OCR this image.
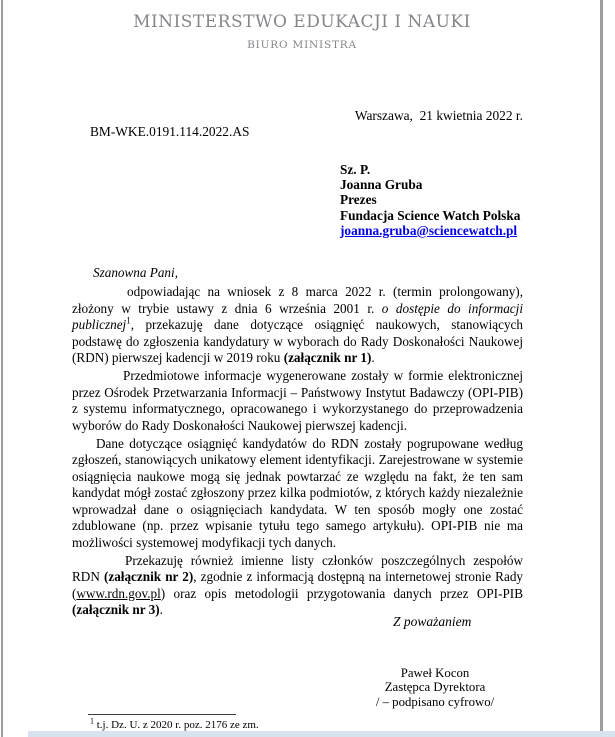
MINISTERSTWO EDUKACJI I NAUKI
BIURO MINISTRA
Warszawa,  21 kwietnia 2022 r.
BM-WKE.0191.114.2022.AS
Sz. P.
Joanna Gruba
Prezes
Fundacja Science Watch Polska
joanna.gruba@sciencewatch.pl
Szanowna Pani,

odpowiadając na wniosek z 8 marca 2022 r. (termin prolongowany), złożony w trybie ustawy z dnia 6 września 2001 r. o dostępie do informacji publicznej$^1$, przekazuję dane dotyczące osiągnięć naukowych, stanowiących podstawę do zgłoszenia kandydatury w wyborach do Rady Doskonałości Naukowej (RDN) pierwszej kadencji w 2019 roku (załącznik nr 1).

Przedmiotowe informacje wygenerowane zostały w formie elektronicznej przez Ośrodek Przetwarzania Informacji – Państwowy Instytut Badawczy (OPI-PIB) z systemu informatycznego, opracowanego i wykorzystanego do przeprowadzenia wyborów do Rady Doskonałości Naukowej pierwszej kadencji.

Dane dotyczące osiągnięć kandydatów do RDN zostały pogrupowane według zgłoszeń, stanowiących unikatowy element identyfikacji. Zarejestrowane w systemie osiągnięcia naukowe mogą się jednak powtarzać ze względu na fakt, że ten sam kandydat mógł zostać zgłoszony przez kilka podmiotów, z których każdy niezależnie wprowadzał dane o osiągnięciach kandydata. W ten sposób mogły one zostać zdublowane (np. przez wpisanie tytułu tego samego artykułu). OPI-PIB nie ma możliwości systemowej modyfikacji tych danych.

Przekazuję również imienne listy członków poszczególnych zespołów RDN (załącznik nr 2), zgodnie z informacją dostępną na internetowej stronie Rady (www.rdn.gov.pl) oraz opis metodologii przygotowania danych przez OPI-PIB (załącznik nr 3).

Z poważaniem
Paweł Kocon
Zastępca Dyrektora
/ – podpisano cyfrowo/
$^1$ t.j. Dz. U. z 2020 r. poz. 2176 ze zm.
